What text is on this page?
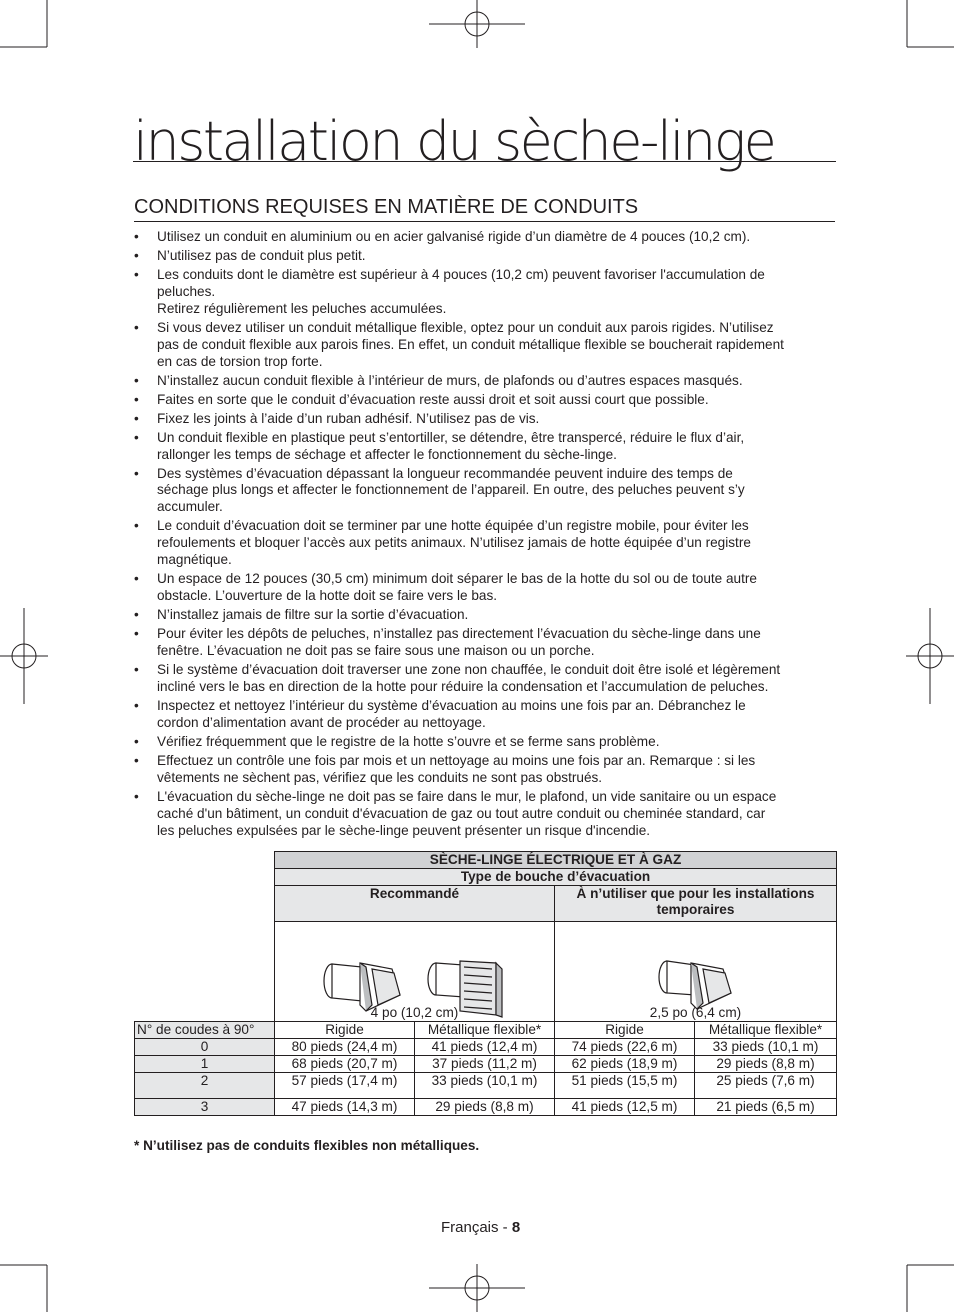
installation du sèche-linge
CONDITIONS REQUISES EN MATIÈRE DE CONDUITS
• Utilisez un conduit en aluminium ou en acier galvanisé rigide d’un diamètre de 4 pouces (10,2 cm).
• N’utilisez pas de conduit plus petit.
• Les conduits dont le diamètre est supérieur à 4 pouces (10,2 cm) peuvent favoriser l'accumulation de
peluches.
Retirez régulièrement les peluches accumulées.
• Si vous devez utiliser un conduit métallique flexible, optez pour un conduit aux parois rigides. N’utilisez
pas de conduit flexible aux parois fines. En effet, un conduit métallique flexible se boucherait rapidement
en cas de torsion trop forte.
• N’installez aucun conduit flexible à l’intérieur de murs, de plafonds ou d’autres espaces masqués.
• Faites en sorte que le conduit d’évacuation reste aussi droit et soit aussi court que possible.
• Fixez les joints à l’aide d’un ruban adhésif. N’utilisez pas de vis.
• Un conduit flexible en plastique peut s’entortiller, se détendre, être transpercé, réduire le flux d’air,
rallonger les temps de séchage et affecter le fonctionnement du sèche-linge.
• Des systèmes d’évacuation dépassant la longueur recommandée peuvent induire des temps de
séchage plus longs et affecter le fonctionnement de l’appareil. En outre, des peluches peuvent s’y
accumuler.
• Le conduit d’évacuation doit se terminer par une hotte équipée d’un registre mobile, pour éviter les
refoulements et bloquer l’accès aux petits animaux. N’utilisez jamais de hotte équipée d’un registre
magnétique.
• Un espace de 12 pouces (30,5 cm) minimum doit séparer le bas de la hotte du sol ou de toute autre
obstacle. L’ouverture de la hotte doit se faire vers le bas.
• N’installez jamais de filtre sur la sortie d’évacuation.
• Pour éviter les dépôts de peluches, n’installez pas directement l’évacuation du sèche-linge dans une
fenêtre. L’évacuation ne doit pas se faire sous une maison ou un porche.
• Si le système d’évacuation doit traverser une zone non chauffée, le conduit doit être isolé et légèrement
incliné vers le bas en direction de la hotte pour réduire la condensation et l’accumulation de peluches.
• Inspectez et nettoyez l’intérieur du système d’évacuation au moins une fois par an. Débranchez le
cordon d’alimentation avant de procéder au nettoyage.
• Vérifiez fréquemment que le registre de la hotte s’ouvre et se ferme sans problème.
• Effectuez un contrôle une fois par mois et un nettoyage au moins une fois par an. Remarque : si les
vêtements ne sèchent pas, vérifiez que les conduits ne sont pas obstrués.
• L'évacuation du sèche-linge ne doit pas se faire dans le mur, le plafond, un vide sanitaire ou un espace
caché d'un bâtiment, un conduit d'évacuation de gaz ou tout autre conduit ou cheminée standard, car
les peluches expulsées par le sèche-linge peuvent présenter un risque d'incendie.
	SÈCHE-LINGE ÉLECTRIQUE ET À GAZ			
	Type de bouche d’évacuation			
	Recommandé		À n’utiliser que pour les installations temporaires	

	4 po (10,2 cm)		2,5 po (6,4 cm)	

N° de coudes à 90°	Rigide	Métallique flexible*	Rigide	Métallique flexible*
0	80 pieds (24,4 m)	41 pieds (12,4 m)	74 pieds (22,6 m)	33 pieds (10,1 m)
1	68 pieds (20,7 m)	37 pieds (11,2 m)	62 pieds (18,9 m)	29 pieds (8,8 m)
2	57 pieds (17,4 m)	33 pieds (10,1 m)	51 pieds (15,5 m)	25 pieds (7,6 m)
3	47 pieds (14,3 m)	29 pieds (8,8 m)	41 pieds (12,5 m)	21 pieds (6,5 m)
* N’utilisez pas de conduits flexibles non métalliques.
Français - 8
